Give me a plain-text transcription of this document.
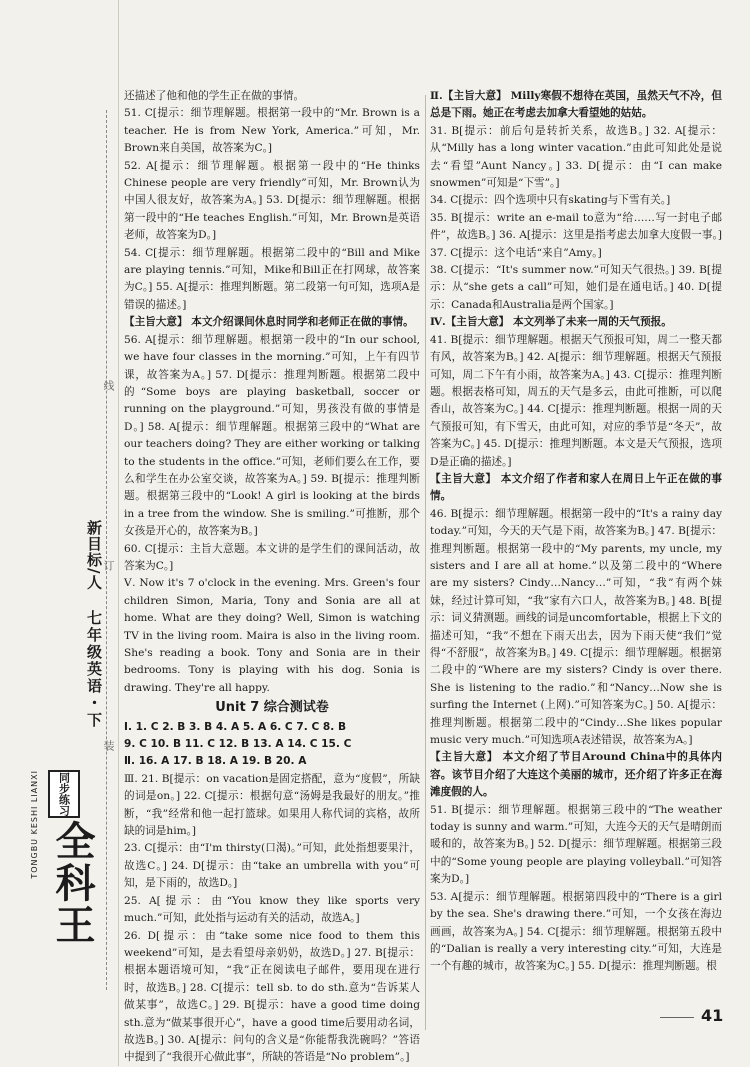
线
订
装
新目标/人
七年级英语・下
同步练习
TONGBU KESHI LIANXI 全科王

还描述了他和他的学生正在做的事情。

51. C[提示：细节理解题。根据第一段中的“Mr. Brown is a teacher. He is from New York, America.”可知，Mr. Brown来自美国，故答案为C。]

52. A[提示：细节理解题。根据第一段中的“He thinks Chinese people are very friendly”可知，Mr. Brown认为中国人很友好，故答案为A。] 53. D[提示：细节理解题。根据第一段中的“He teaches English.”可知，Mr. Brown是英语老师，故答案为D。]

54. C[提示：细节理解题。根据第二段中的“Bill and Mike are playing tennis.”可知，Mike和Bill正在打网球，故答案为C。] 55. A[提示：推理判断题。第二段第一句可知，选项A是错误的描述。]

【主旨大意】 本文介绍课间休息时同学和老师正在做的事情。

56. A[提示：细节理解题。根据第一段中的“In our school, we have four classes in the morning.”可知，上午有四节课，故答案为A。] 57. D[提示：推理判断题。根据第二段中的“Some boys are playing basketball, soccer or running on the playground.”可知，男孩没有做的事情是D。] 58. A[提示：细节理解题。根据第三段中的“What are our teachers doing? They are either working or talking to the students in the office.”可知，老师们要么在工作，要么和学生在办公室交谈，故答案为A。] 59. B[提示：推理判断题。根据第三段中的“Look! A girl is looking at the birds in a tree from the window. She is smiling.”可推断，那个女孩是开心的，故答案为B。]

60. C[提示：主旨大意题。本文讲的是学生们的课间活动，故答案为C。]

Ⅴ. Now it's 7 o'clock in the evening. Mrs. Green's four children Simon, Maria, Tony and Sonia are all at home. What are they doing? Well, Simon is watching TV in the living room. Maira is also in the living room. She's reading a book. Tony and Sonia are in their bedrooms. Tony is playing with his dog. Sonia is drawing. They're all happy.

Unit 7 综合测试卷

Ⅰ. 1. C 2. B 3. B 4. A 5. A 6. C 7. C 8. B

9. C 10. B 11. C 12. B 13. A 14. C 15. C

Ⅱ. 16. A 17. B 18. A 19. B 20. A

Ⅲ. 21. B[提示：on vacation是固定搭配，意为“度假”，所缺的词是on。] 22. C[提示：根据句意“汤姆是我最好的朋友。”推断，“我”经常和他一起打篮球。如果用人称代词的宾格，故所缺的词是him。]

23. C[提示：由“I'm thirsty(口渴)。”可知，此处指想要果汁，故选C。] 24. D[提示：由“take an umbrella with you”可知，是下雨的，故选D。]

25. A[提示：由“You know they like sports very much.”可知，此处指与运动有关的活动，故选A。]

26. D[提示：由“take some nice food to them this weekend”可知，是去看望母亲奶奶，故选D。] 27. B[提示：根据本题语境可知，“我”正在阅读电子邮件，要用现在进行时，故选B。] 28. C[提示：tell sb. to do sth.意为“告诉某人做某事”，故选C。] 29. B[提示：have a good time doing sth.意为“做某事很开心”，have a good time后要用动名词，故选B。] 30. A[提示：问句的含义是“你能帮我洗碗吗？”答语中提到了“我很开心做此事”，所缺的答语是“No problem”。]

Ⅱ.【主旨大意】 Milly寒假不想待在英国，虽然天气不冷，但总是下雨。她正在考虑去加拿大看望她的姑姑。

31. B[提示：前后句是转折关系，故选B。] 32. A[提示：从“Milly has a long winter vacation.”由此可知此处是说去“看望”Aunt Nancy。] 33. D[提示：由“I can make snowmen”可知是“下雪”。]

34. C[提示：四个选项中只有skating与下雪有关。]

35. B[提示：write an e-mail to意为“给……写一封电子邮件”，故选B。] 36. A[提示：这里是指考虑去加拿大度假一事。] 37. C[提示：这个电话“来自”Amy。]

38. C[提示：“It's summer now.”可知天气很热。] 39. B[提示：从“she gets a call”可知，她们是在通电话。] 40. D[提示：Canada和Australia是两个国家。]

Ⅳ.【主旨大意】 本文列举了未来一周的天气预报。

41. B[提示：细节理解题。根据天气预报可知，周二一整天都有风，故答案为B。] 42. A[提示：细节理解题。根据天气预报可知，周二下午有小雨，故答案为A。] 43. C[提示：推理判断题。根据表格可知，周五的天气是多云，由此可推断，可以爬香山，故答案为C。] 44. C[提示：推理判断题。根据一周的天气预报可知，有下雪天，由此可知，对应的季节是“冬天”，故答案为C。] 45. D[提示：推理判断题。本文是天气预报，选项D是正确的描述。]

【主旨大意】 本文介绍了作者和家人在周日上午正在做的事情。

46. B[提示：细节理解题。根据第一段中的“It's a rainy day today.”可知，今天的天气是下雨，故答案为B。] 47. B[提示：推理判断题。根据第一段中的“My parents, my uncle, my sisters and I are all at home.”以及第二段中的“Where are my sisters? Cindy…Nancy…”可知，“我”有两个妹妹，经过计算可知，“我”家有六口人，故答案为B。] 48. B[提示：词义猜测题。画线的词是uncomfortable，根据上下文的描述可知，“我”不想在下雨天出去，因为下雨天使“我们”觉得“不舒服”，故答案为B。] 49. C[提示：细节理解题。根据第二段中的“Where are my sisters? Cindy is over there. She is listening to the radio.”和“Nancy…Now she is surfing the Internet (上网).”可知答案为C。] 50. A[提示：推理判断题。根据第二段中的“Cindy…She likes popular music very much.”可知选项A表述错误，故答案为A。]

【主旨大意】 本文介绍了节目Around China中的具体内容。该节目介绍了大连这个美丽的城市，还介绍了许多正在海滩度假的人。

51. B[提示：细节理解题。根据第三段中的“The weather today is sunny and warm.”可知，大连今天的天气是晴朗而暖和的，故答案为B。] 52. D[提示：细节理解题。根据第三段中的“Some young people are playing volleyball.”可知答案为D。]

53. A[提示：细节理解题。根据第四段中的“There is a girl by the sea. She's drawing there.”可知，一个女孩在海边画画，故答案为A。] 54. C[提示：细节理解题。根据第五段中的“Dalian is really a very interesting city.”可知，大连是一个有趣的城市，故答案为C。] 55. D[提示：推理判断题。根

41
